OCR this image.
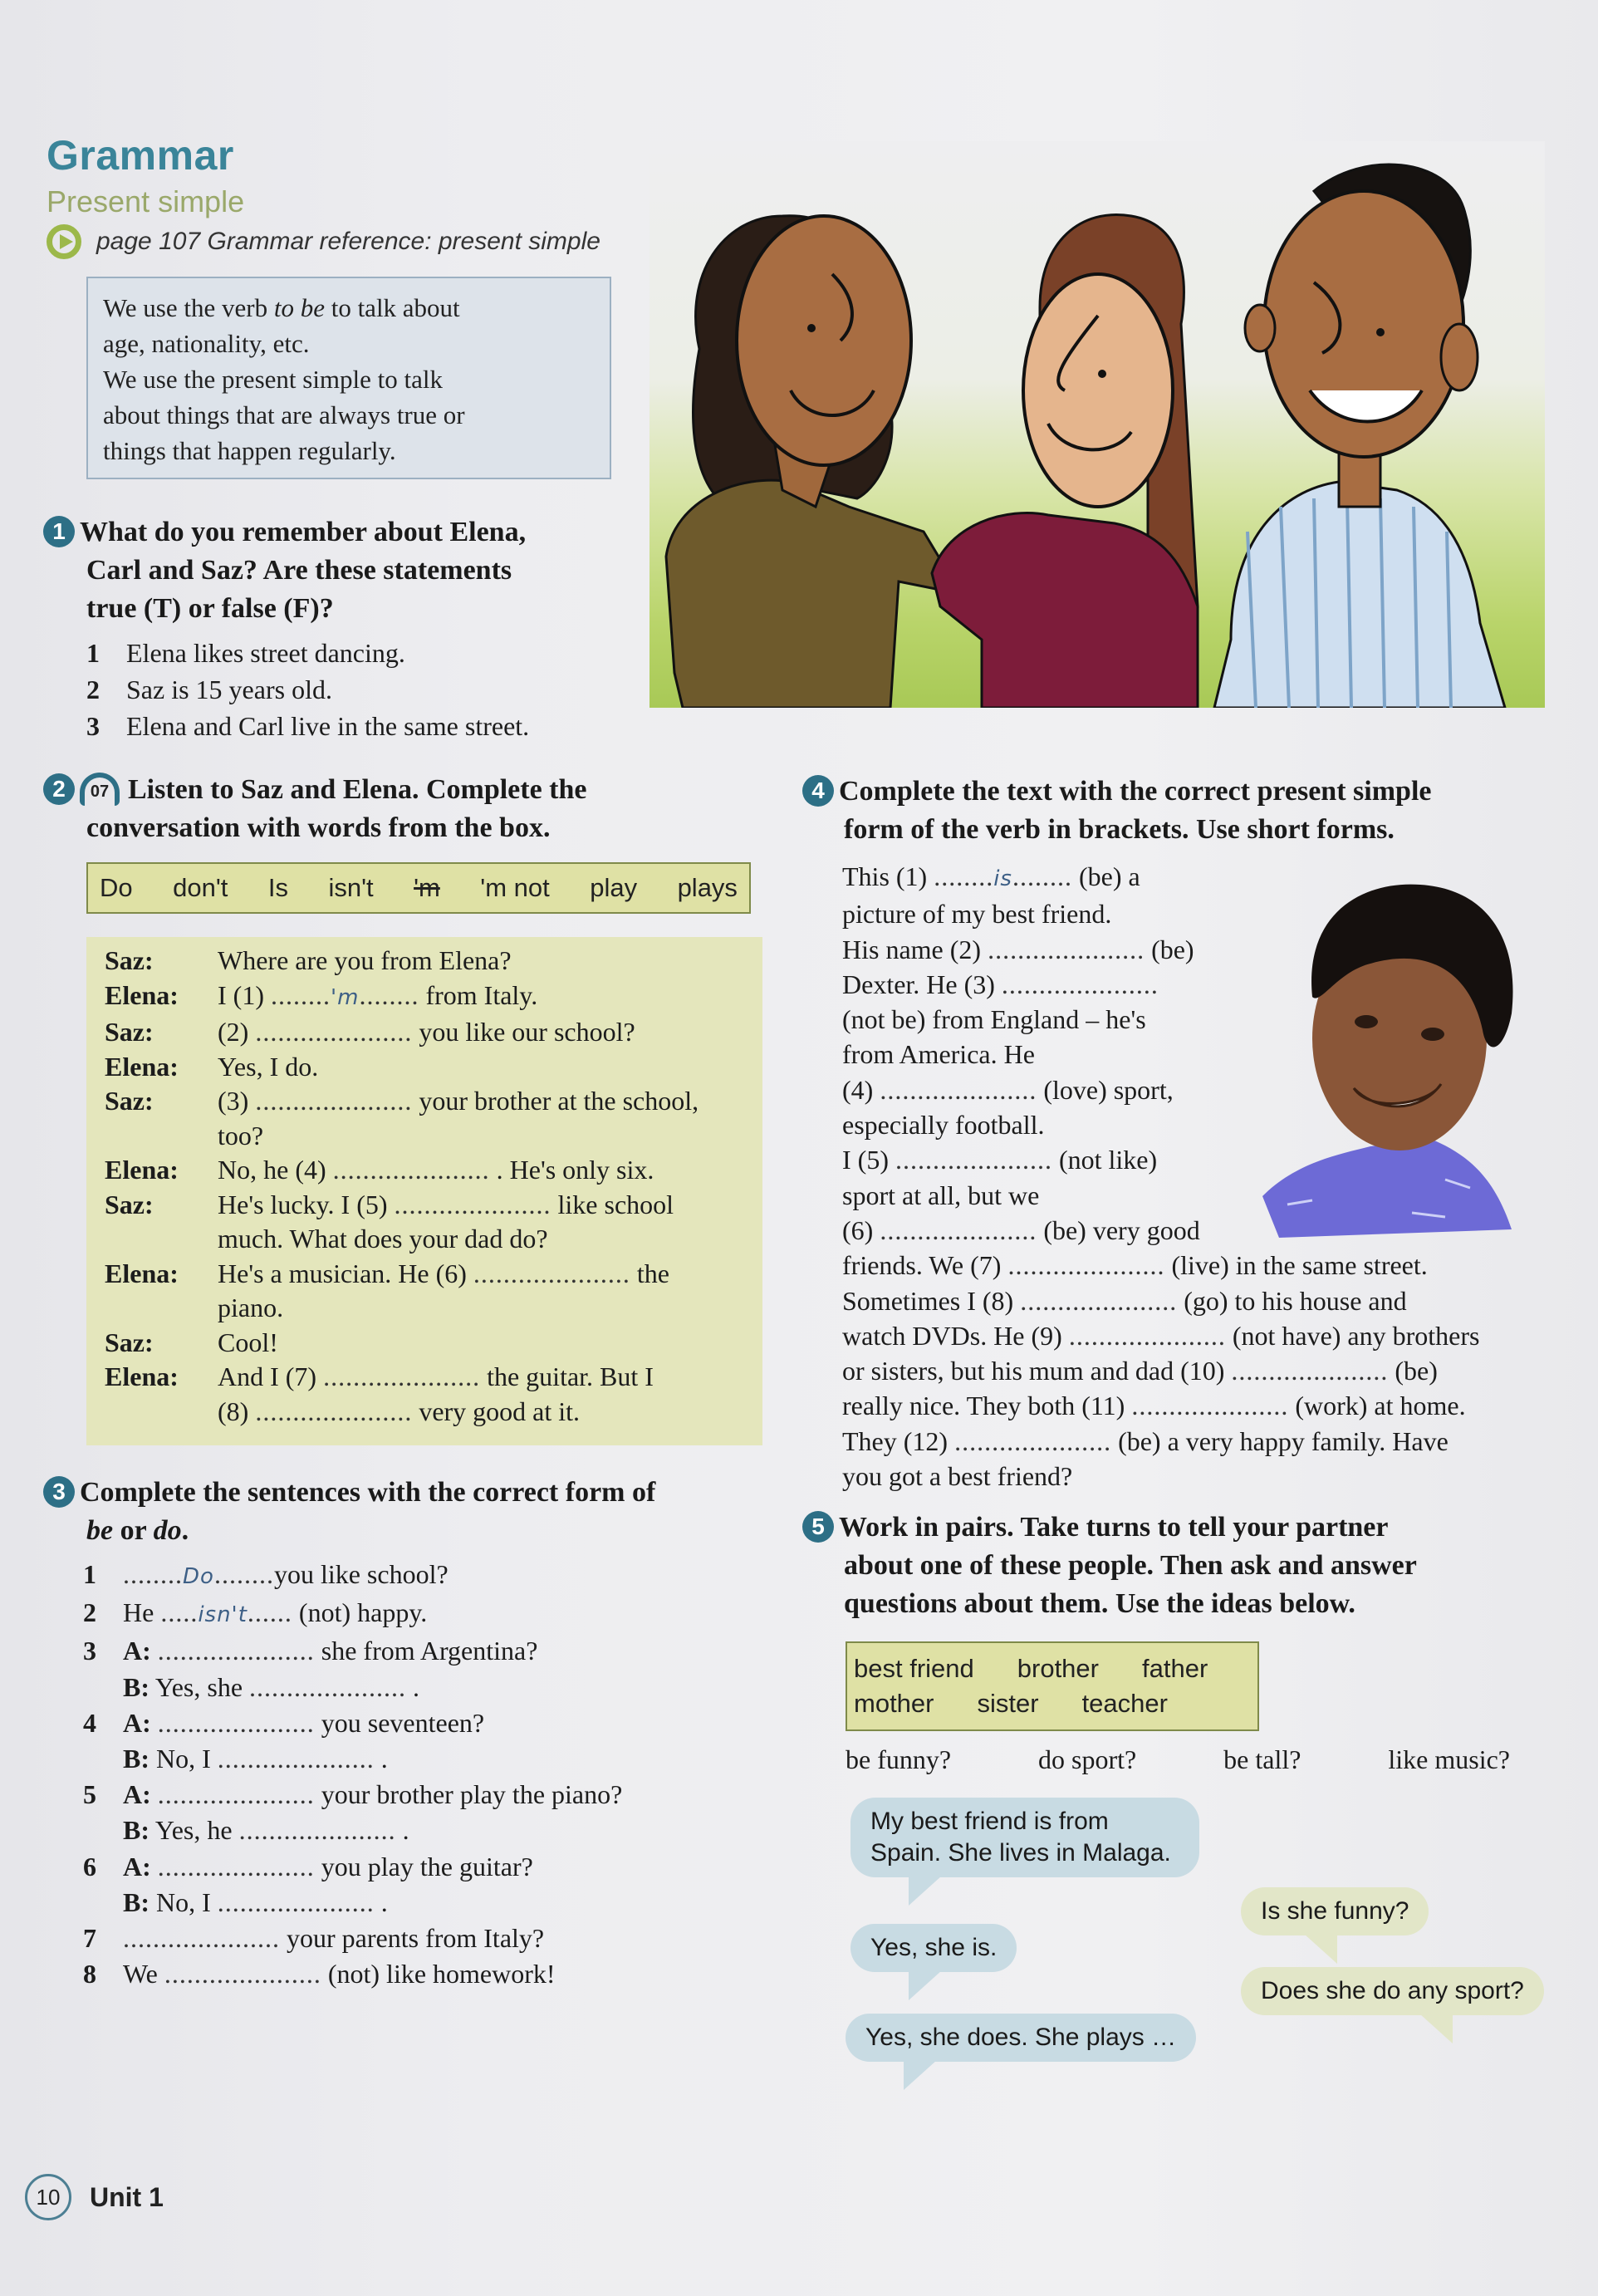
Grammar
Present simple
page 107 Grammar reference: present simple
We use the verb to be to talk about
age, nationality, etc.
We use the present simple to talk
about things that are always true or
things that happen regularly.
1 What do you remember about Elena,
Carl and Saz? Are these statements
true (T) or false (F)?
1 Elena likes street dancing.
2 Saz is 15 years old.
3 Elena and Carl live in the same street.
2 07 Listen to Saz and Elena. Complete the
conversation with words from the box.
Do don't Is isn't 'm 'm not play plays
Saz:	Where are you from Elena?
Elena:	I (1) ........'m........ from Italy.
Saz:	(2) ..................... you like our school?
Elena:	Yes, I do.
Saz:	(3) ..................... your brother at the school,
too?
Elena:	No, he (4) ..................... . He's only six.
Saz:	He's lucky. I (5) ..................... like school
much. What does your dad do?
Elena:	He's a musician. He (6) ..................... the
piano.
Saz:	Cool!
Elena:	And I (7) ..................... the guitar. But I
(8) ..................... very good at it.
3 Complete the sentences with the correct form of
be or do.
1 ........Do........you like school?
2 He .....isn't...... (not) happy.
3 A: ..................... she from Argentina?
B: Yes, she ..................... .
4 A: ..................... you seventeen?
B: No, I ..................... .
5 A: ..................... your brother play the piano?
B: Yes, he ..................... .
6 A: ..................... you play the guitar?
B: No, I ..................... .
7 ..................... your parents from Italy?
8 We ..................... (not) like homework!
4 Complete the text with the correct present simple
form of the verb in brackets. Use short forms.
This (1) ........is........ (be) a
picture of my best friend.
His name (2) ..................... (be)
Dexter. He (3) .....................
(not be) from England – he's
from America. He
(4) ..................... (love) sport,
especially football.
I (5) ..................... (not like)
sport at all, but we
(6) ..................... (be) very good
friends. We (7) ..................... (live) in the same street.
Sometimes I (8) ..................... (go) to his house and
watch DVDs. He (9) ..................... (not have) any brothers
or sisters, but his mum and dad (10) ..................... (be)
really nice. They both (11) ..................... (work) at home.
They (12) ..................... (be) a very happy family. Have
you got a best friend?
5 Work in pairs. Take turns to tell your partner
about one of these people. Then ask and answer
questions about them. Use the ideas below.
best friend brother father
mother sister teacher
be funny?	do sport?	be tall?	like music?
My best friend is from
Spain. She lives in Malaga.
Is she funny?
Yes, she is.
Does she do any sport?
Yes, she does. She plays …
10	Unit 1
